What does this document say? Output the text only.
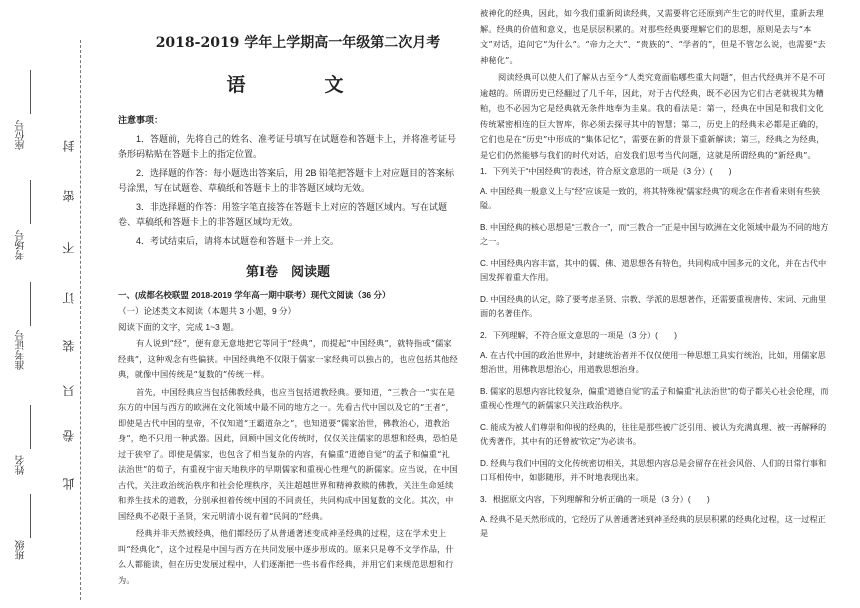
封
密
不
订
装
只
卷
此
座位号
考场号
准考证号
姓名
班级
2018-2019 学年上学期高一年级第二次月考
语　文
注意事项：

1．答题前，先将自己的姓名、准考证号填写在试题卷和答题卡上，并将准考证号条形码粘贴在答题卡上的指定位置。

2．选择题的作答：每小题选出答案后，用 2B 铅笔把答题卡上对应题目的答案标号涂黑，写在试题卷、草稿纸和答题卡上的非答题区域均无效。

3．非选择题的作答：用签字笔直接答在答题卡上对应的答题区域内。写在试题卷、草稿纸和答题卡上的非答题区域均无效。

4．考试结束后，请将本试题卷和答题卡一并上交。

第Ⅰ卷　阅读题
一、(成都名校联盟 2018-2019 学年高一期中联考）现代文阅读（36 分）
（一）论述类文本阅读（本题共 3 小题，9 分）
阅读下面的文字，完成 1~3 题。

有人说到“经”，便有意无意地把它等同于“经典”，而提起“中国经典”，就特指或“儒家经典”，这种观念有些偏狭。中国经典绝不仅限于儒家一家经典可以独占的，也应包括其他经典，就像中国传统是“复数的”传统一样。

首先，中国经典应当包括佛教经典，也应当包括道教经典。要知道，“三教合一”实在是东方的中国与西方的欧洲在文化领域中最不同的地方之一。先看古代中国以及它的“王者”，即使是古代中国的皇帝，不仅知道“王霸道杂之”，也知道要“儒家治世，佛教治心，道教治身”，绝不只用一种武器。因此，回顾中国文化传统时，仅仅关注儒家的思想和经典，恐怕是过于狭窄了。即使是儒家，也包含了相当复杂的内容，有偏重“道德自觉”的孟子和偏重“礼法治世”的荀子，有重视宇宙天地秩序的早期儒家和重视心性理气的新儒家。应当说，在中国古代，关注政治统治秩序和社会伦理秩序，关注超越世界和精神救赎的佛教，关注生命延续和养生技术的道教，分别承担着传统中国的不同责任，共同构成中国复数的文化。其次，中国经典不必限于圣贤，宋元明清小说有着“民间的”经典。

经典并非天然被经典，他们都经历了从普通著述变成神圣经典的过程，这在学术史上叫“经典化”，这个过程是中国与西方在共同发展中逐步形成的。原来只是尊不文学作品，什么人都能读，但在历史发展过程中，人们逐渐把一些书看作经典，并用它们来规范思想和行为。

被神化的经典，因此，如今我们重新阅读经典，又需要将它还原到产生它的时代里，重新去理解。经典的价值和意义，也是层层积累的。对那些经典要理解它们的思想，原则是去与“本文”对话，追问它“为什么”。“帝力之大”、“贵族的”、“学者的”，但是不管怎么说，也需要“去神秘化”。

阅读经典可以使人们了解从古至今“人类究竟面临哪些重大问题”，但古代经典并不是不可逾越的。所谓历史已经翻过了几千年，因此，对于古代经典，既不必因为它们古老就视其为糟粕，也不必因为它是经典就无条件地奉为圭臬。我的看法是：第一，经典在中国是和我们文化传统紧密相连的巨大智库，你必须去探寻其中的智慧；第二，历史上的经典未必都是正确的，它们也是在“历史”中形成的“集体记忆”，需要在新的背景下重新解读；第三，经典之为经典，是它们仍然能够与我们的时代对话，启发我们思考当代问题，这就是所谓经典的“新经典”。

1．下列关于“中国经典”的表述，符合原文意思的一项是（3 分）(　　)
A. 中国经典一般意义上与“经”应该是一致的，将其特殊视“儒家经典”的观念在作者看来则有些狭隘。
B. 中国经典的核心思想是“三教合一”，而“三教合一”正是中国与欧洲在文化领域中最为不同的地方之一。
C. 中国经典内容丰富，其中的儒、佛、道思想各有特色，共同构成中国多元的文化，并在古代中国发挥着重大作用。
D. 中国经典的认定，除了要考虑圣贤、宗教、学派的思想著作，还需要重视唐传、宋词、元曲里面的名著佳作。
2．下列理解，不符合原文意思的一项是（3 分）(　　)
A. 在古代中国的政治世界中，封建统治者并不仅仅使用一种思想工具实行统治，比如，用儒家思想治世，用佛教思想治心，用道教思想治身。
B. 儒家的思想内容比较复杂，偏重“道德自觉”的孟子和偏重“礼法治世”的荀子都关心社会伦理，而重视心性理气的新儒家只关注政治秩序。
C. 能成为被人们尊崇和仰视的经典的，往往是那些被广泛引用、被认为充满真理、被一再解释的优秀著作，其中有的还曾被“钦定”为必读书。
D. 经典与我们中国的文化传统密切相关，其思想内容总是会留存在社会风俗、人们的日常行事和口耳相传中，如影随形，并不时地表现出来。
3．根据原文内容，下列理解和分析正确的一项是（3 分）(　　)
A. 经典不是天然形成的，它经历了从普通著述到神圣经典的层层积累的经典化过程，这一过程正是
